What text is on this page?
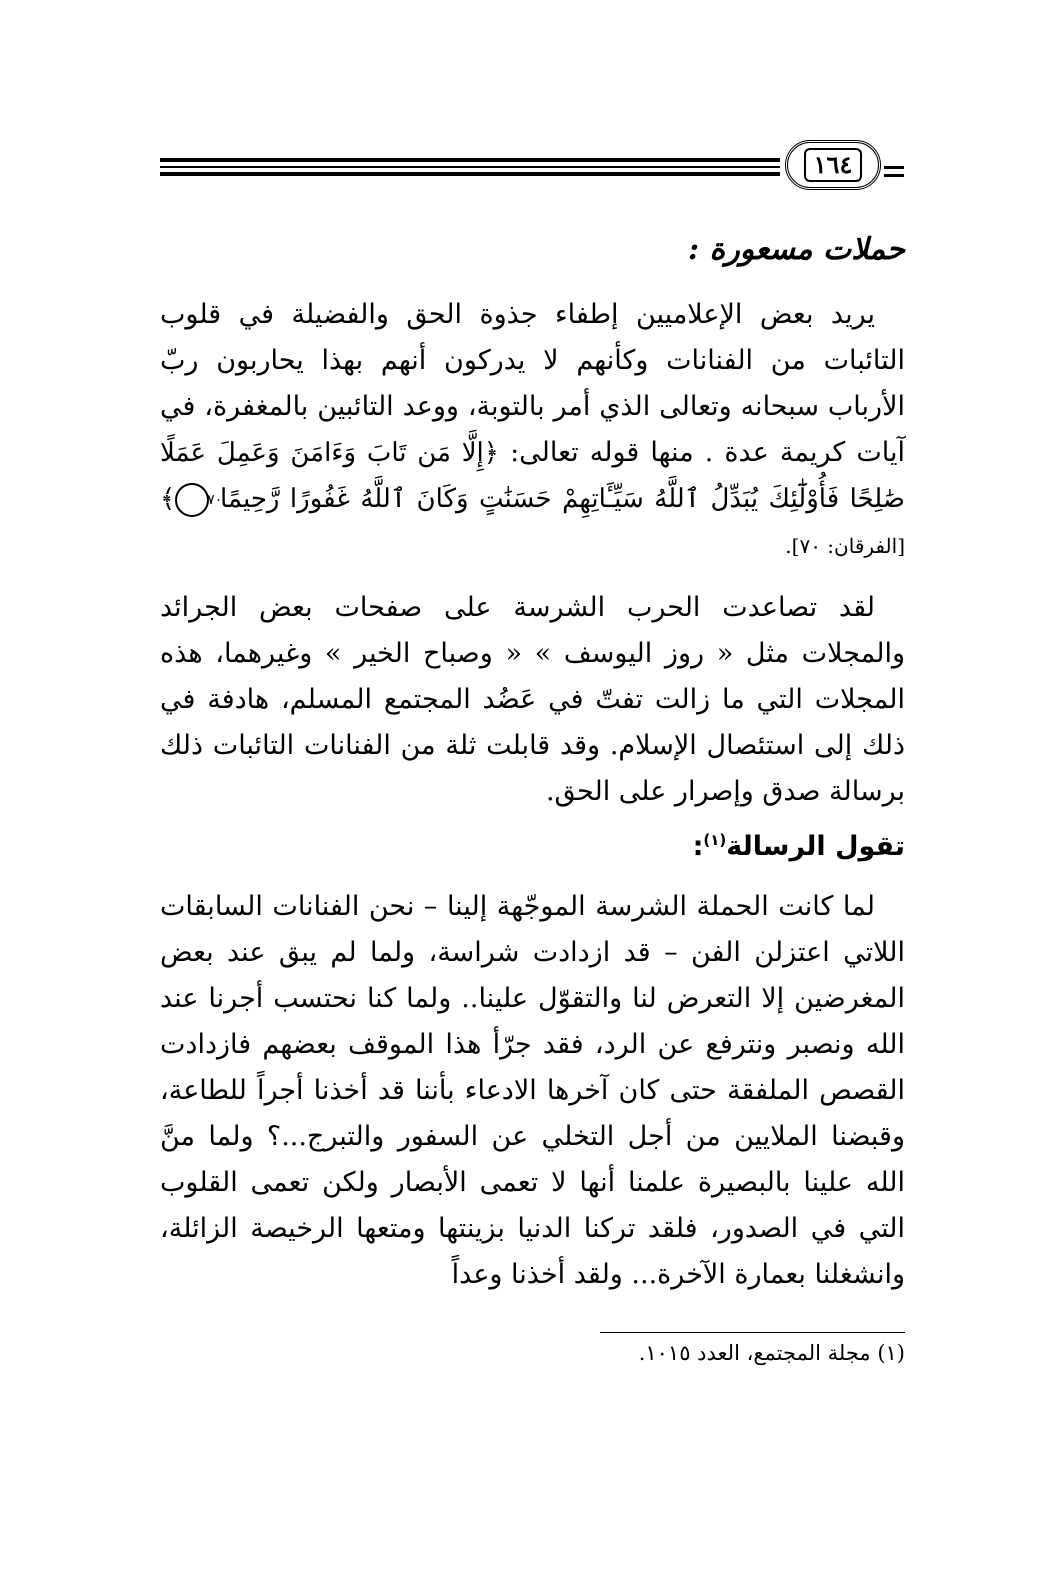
١٦٤
حملات مسعورة :

يريد بعض الإعلاميين إطفاء جذوة الحق والفضيلة في قلوب التائبات من الفنانات وكأنهم لا يدركون أنهم بهذا يحاربون ربّ الأرباب سبحانه وتعالى الذي أمر بالتوبة، ووعد التائبين بالمغفرة، في آيات كريمة عدة . منها قوله تعالى: ﴿إِلَّا مَن تَابَ وَءَامَنَ وَعَمِلَ عَمَلًا صَٰلِحًا فَأُوْلَٰٓئِكَ يُبَدِّلُ ٱللَّهُ سَيِّـَٔاتِهِمْ حَسَنَٰتٍ وَكَانَ ٱللَّهُ غَفُورًا رَّحِيمًا ٧٠﴾ [الفرقان: ٧٠].

لقد تصاعدت الحرب الشرسة على صفحات بعض الجرائد والمجلات مثل « روز اليوسف » « وصباح الخير » وغيرهما، هذه المجلات التي ما زالت تفتّ في عَضُد المجتمع المسلم، هادفة في ذلك إلى استئصال الإسلام. وقد قابلت ثلة من الفنانات التائبات ذلك برسالة صدق وإصرار على الحق.

تقول الرسالة$^{(١)}$:

لما كانت الحملة الشرسة الموجّهة إلينا – نحن الفنانات السابقات اللاتي اعتزلن الفن – قد ازدادت شراسة، ولما لم يبق عند بعض المغرضين إلا التعرض لنا والتقوّل علينا.. ولما كنا نحتسب أجرنا عند الله ونصبر ونترفع عن الرد، فقد جرّأ هذا الموقف بعضهم فازدادت القصص الملفقة حتى كان آخرها الادعاء بأننا قد أخذنا أجراً للطاعة، وقبضنا الملايين من أجل التخلي عن السفور والتبرج...؟ ولما منَّ الله علينا بالبصيرة علمنا أنها لا تعمى الأبصار ولكن تعمى القلوب التي في الصدور، فلقد تركنا الدنيا بزينتها ومتعها الرخيصة الزائلة، وانشغلنا بعمارة الآخرة... ولقد أخذنا وعداً

(١) مجلة المجتمع، العدد ١٠١٥.
